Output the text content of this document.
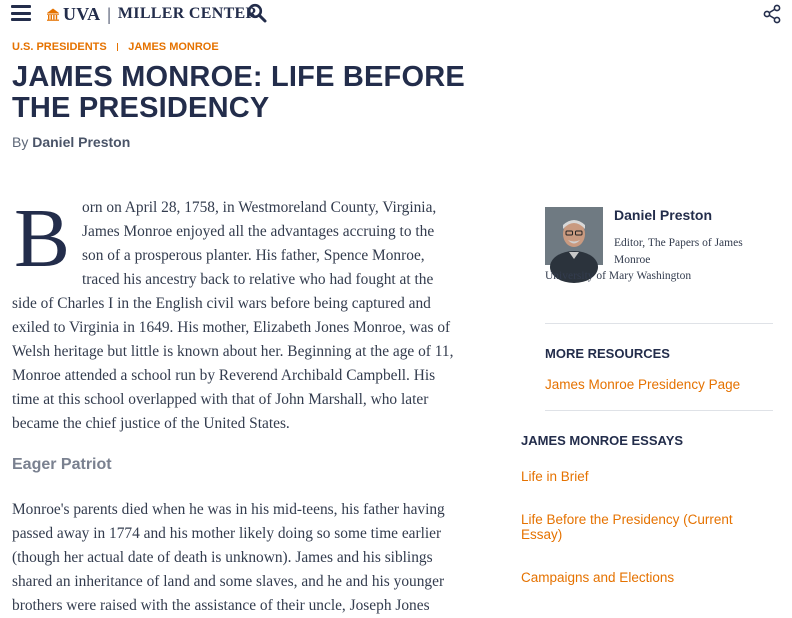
UVA | MILLER CENTER
U.S. PRESIDENTS JAMES MONROE
JAMES MONROE: LIFE BEFORE THE PRESIDENCY
By Daniel Preston
Born on April 28, 1758, in Westmoreland County, Virginia, James Monroe enjoyed all the advantages accruing to the son of a prosperous planter. His father, Spence Monroe, traced his ancestry back to relative who had fought at the side of Charles I in the English civil wars before being captured and exiled to Virginia in 1649. His mother, Elizabeth Jones Monroe, was of Welsh heritage but little is known about her. Beginning at the age of 11, Monroe attended a school run by Reverend Archibald Campbell. His time at this school overlapped with that of John Marshall, who later became the chief justice of the United States.
Eager Patriot
Monroe's parents died when he was in his mid-teens, his father having passed away in 1774 and his mother likely doing so some time earlier (though her actual date of death is unknown). James and his siblings shared an inheritance of land and some slaves, and he and his younger brothers were raised with the assistance of their uncle, Joseph Jones
Daniel Preston
Editor, The Papers of James Monroe
University of Mary Washington
MORE RESOURCES
James Monroe Presidency Page
JAMES MONROE ESSAYS
Life in Brief
Life Before the Presidency (Current Essay)
Campaigns and Elections
